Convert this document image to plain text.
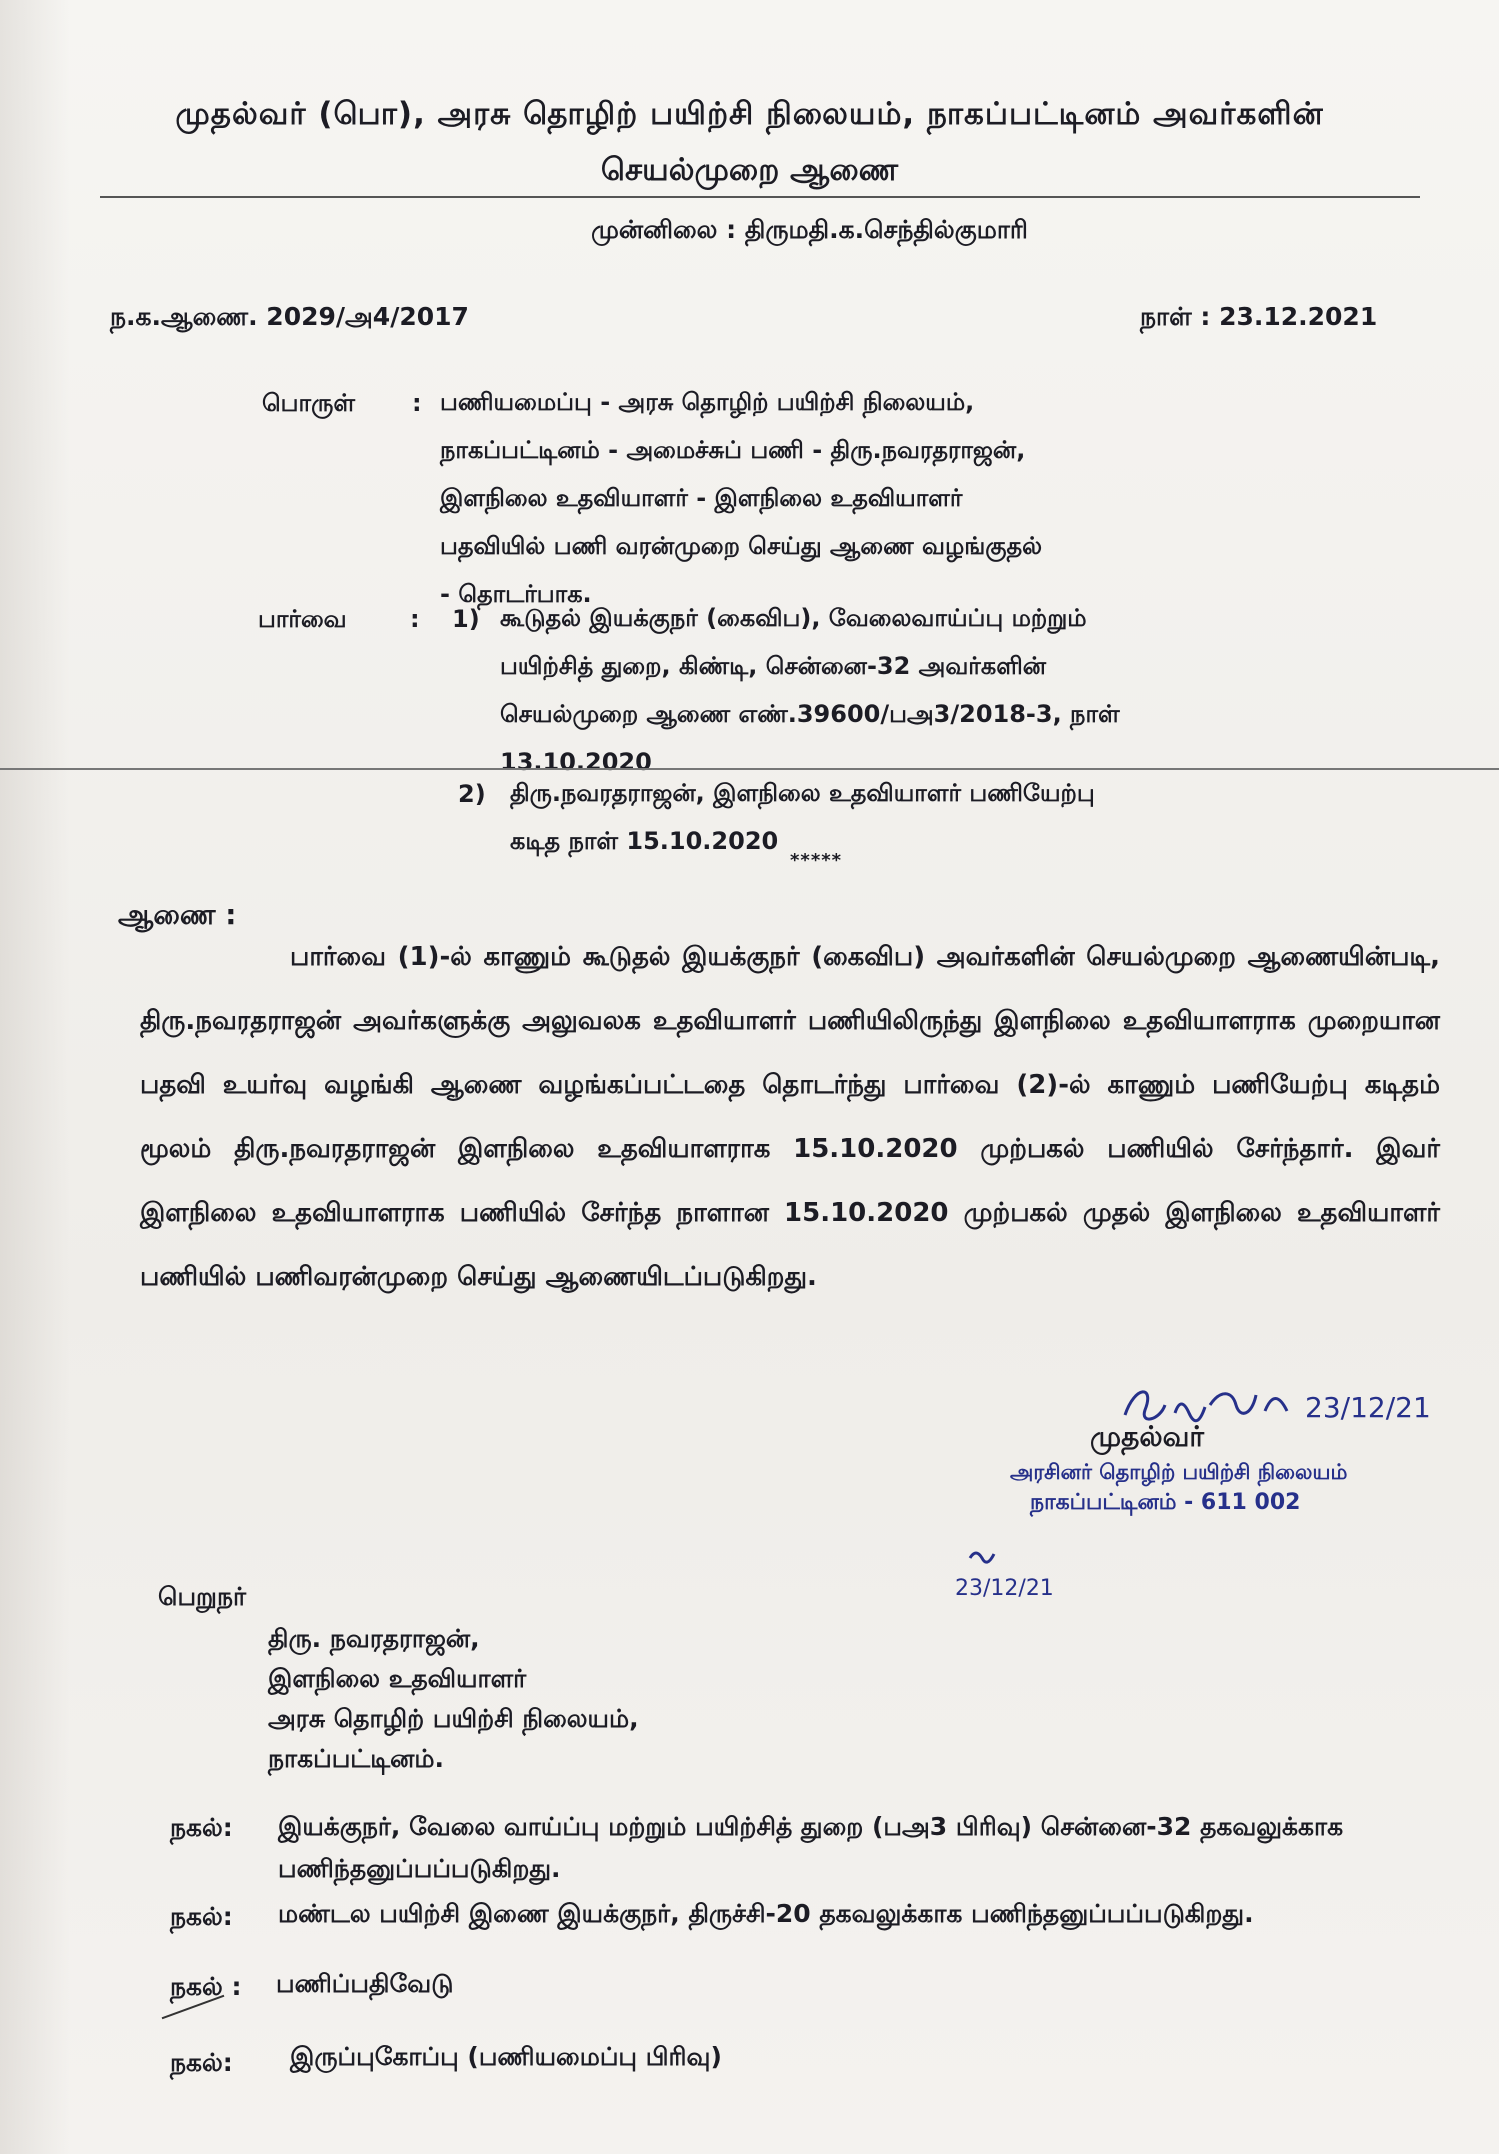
முதல்வர் (பொ), அரசு தொழிற் பயிற்சி நிலையம், நாகப்பட்டினம் அவர்களின்
செயல்முறை ஆணை
முன்னிலை : திருமதி.க.செந்தில்குமாரி
ந.க.ஆணை. 2029/அ4/2017	நாள் : 23.12.2021
பொருள் : பணியமைப்பு - அரசு தொழிற் பயிற்சி நிலையம்,
நாகப்பட்டினம் - அமைச்சுப் பணி - திரு.நவரதராஜன்,
இளநிலை உதவியாளர் - இளநிலை உதவியாளர்
பதவியில் பணி வரன்முறை செய்து ஆணை வழங்குதல்
- தொடர்பாக.
பார்வை	: 1) கூடுதல் இயக்குநர் (கைவிப), வேலைவாய்ப்பு மற்றும்
பயிற்சித் துறை, கிண்டி, சென்னை-32 அவர்களின்
செயல்முறை ஆணை எண்.39600/பஅ3/2018-3, நாள்
13.10.2020
2) திரு.நவரதராஜன், இளநிலை உதவியாளர் பணியேற்பு
கடித நாள் 15.10.2020
*****
ஆணை :
பார்வை (1)-ல் காணும் கூடுதல் இயக்குநர் (கைவிப) அவர்களின் செயல்முறை ஆணையின்படி, திரு.நவரதராஜன் அவர்களுக்கு அலுவலக உதவியாளர் பணியிலிருந்து இளநிலை உதவியாளராக முறையான பதவி உயர்வு வழங்கி ஆணை வழங்கப்பட்டதை தொடர்ந்து பார்வை (2)-ல் காணும் பணியேற்பு கடிதம் மூலம் திரு.நவரதராஜன் இளநிலை உதவியாளராக 15.10.2020 முற்பகல் பணியில் சேர்ந்தார். இவர் இளநிலை உதவியாளராக பணியில் சேர்ந்த நாளான 15.10.2020 முற்பகல் முதல் இளநிலை உதவியாளர் பணியில் பணிவரன்முறை செய்து ஆணையிடப்படுகிறது.
23/12/21
முதல்வர்
அரசினர் தொழிற் பயிற்சி நிலையம்
நாகப்பட்டினம் - 611 002
23/12/21
பெறுநர்
திரு. நவரதராஜன்,
இளநிலை உதவியாளர்
அரசு தொழிற் பயிற்சி நிலையம்,
நாகப்பட்டினம்.
நகல்: இயக்குநர், வேலை வாய்ப்பு மற்றும் பயிற்சித் துறை (பஅ3 பிரிவு) சென்னை-32 தகவலுக்காக
பணிந்தனுப்பப்படுகிறது.
நகல்: மண்டல பயிற்சி இணை இயக்குநர், திருச்சி-20 தகவலுக்காக பணிந்தனுப்பப்படுகிறது.
நகல் : பணிப்பதிவேடு
நகல்: இருப்புகோப்பு (பணியமைப்பு பிரிவு)
